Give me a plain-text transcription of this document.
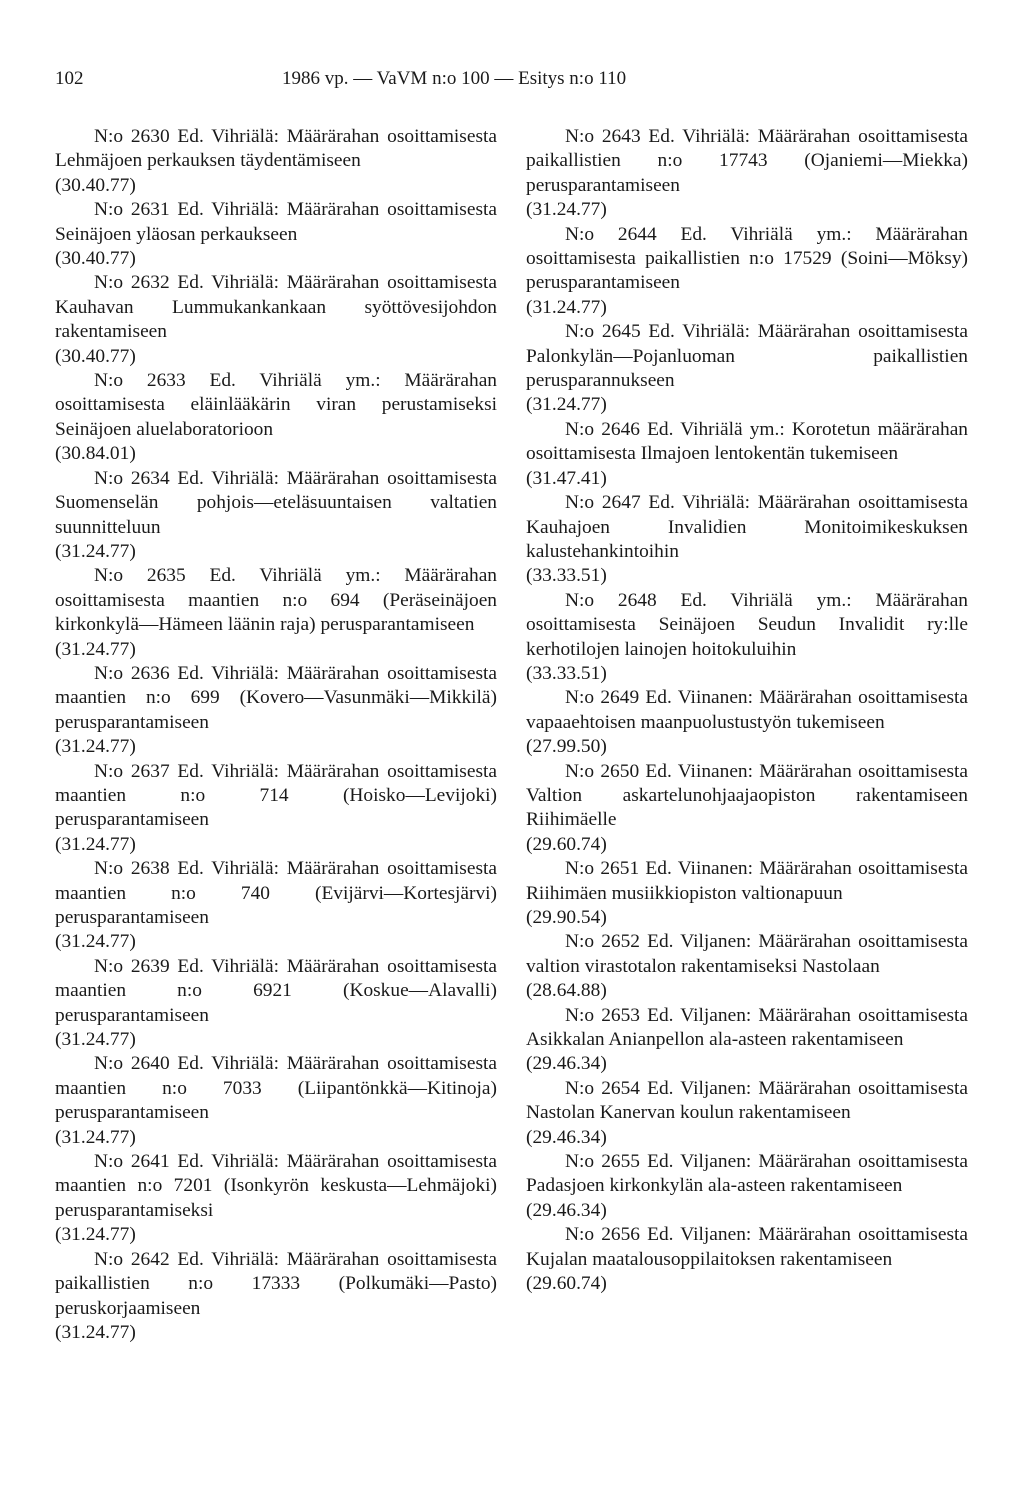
102	1986 vp. — VaVM n:o 100 — Esitys n:o 110

N:o 2630 Ed. Vihriälä: Määrärahan osoittamisesta Lehmäjoen perkauksen täydentämiseen

(30.40.77)

N:o 2631 Ed. Vihriälä: Määrärahan osoittamisesta Seinäjoen yläosan perkaukseen

(30.40.77)

N:o 2632 Ed. Vihriälä: Määrärahan osoittamisesta Kauhavan Lummukankankaan syöttövesijohdon rakentamiseen

(30.40.77)

N:o 2633 Ed. Vihriälä ym.: Määrärahan osoittamisesta eläinlääkärin viran perustamiseksi Seinäjoen aluelaboratorioon

(30.84.01)

N:o 2634 Ed. Vihriälä: Määrärahan osoittamisesta Suomenselän pohjois—eteläsuuntaisen valtatien suunnitteluun

(31.24.77)

N:o 2635 Ed. Vihriälä ym.: Määrärahan osoittamisesta maantien n:o 694 (Peräseinäjoen kirkonkylä—Hämeen läänin raja) perusparantamiseen

(31.24.77)

N:o 2636 Ed. Vihriälä: Määrärahan osoittamisesta maantien n:o 699 (Kovero—Vasunmäki—Mikkilä) perusparantamiseen

(31.24.77)

N:o 2637 Ed. Vihriälä: Määrärahan osoittamisesta maantien n:o 714 (Hoisko—Levijoki) perusparantamiseen

(31.24.77)

N:o 2638 Ed. Vihriälä: Määrärahan osoittamisesta maantien n:o 740 (Evijärvi—Kortesjärvi) perusparantamiseen

(31.24.77)

N:o 2639 Ed. Vihriälä: Määrärahan osoittamisesta maantien n:o 6921 (Koskue—Alavalli) perusparantamiseen

(31.24.77)

N:o 2640 Ed. Vihriälä: Määrärahan osoittamisesta maantien n:o 7033 (Liipantönkkä—Kitinoja) perusparantamiseen

(31.24.77)

N:o 2641 Ed. Vihriälä: Määrärahan osoittamisesta maantien n:o 7201 (Isonkyrön keskusta—Lehmäjoki) perusparantamiseksi

(31.24.77)

N:o 2642 Ed. Vihriälä: Määrärahan osoittamisesta paikallistien n:o 17333 (Polkumäki—Pasto) peruskorjaamiseen

(31.24.77)

N:o 2643 Ed. Vihriälä: Määrärahan osoittamisesta paikallistien n:o 17743 (Ojaniemi—Miekka) perusparantamiseen

(31.24.77)

N:o 2644 Ed. Vihriälä ym.: Määrärahan osoittamisesta paikallistien n:o 17529 (Soini—Möksy) perusparantamiseen

(31.24.77)

N:o 2645 Ed. Vihriälä: Määrärahan osoittamisesta Palonkylän—Pojanluoman paikallistien perusparannukseen

(31.24.77)

N:o 2646 Ed. Vihriälä ym.: Korotetun määrärahan osoittamisesta Ilmajoen lentokentän tukemiseen

(31.47.41)

N:o 2647 Ed. Vihriälä: Määrärahan osoittamisesta Kauhajoen Invalidien Monitoimikeskuksen kalustehankintoihin

(33.33.51)

N:o 2648 Ed. Vihriälä ym.: Määrärahan osoittamisesta Seinäjoen Seudun Invalidit ry:lle kerhotilojen lainojen hoitokuluihin

(33.33.51)

N:o 2649 Ed. Viinanen: Määrärahan osoittamisesta vapaaehtoisen maanpuolustustyön tukemiseen

(27.99.50)

N:o 2650 Ed. Viinanen: Määrärahan osoittamisesta Valtion askartelunohjaajaopiston rakentamiseen Riihimäelle

(29.60.74)

N:o 2651 Ed. Viinanen: Määrärahan osoittamisesta Riihimäen musiikkiopiston valtionapuun

(29.90.54)

N:o 2652 Ed. Viljanen: Määrärahan osoittamisesta valtion virastotalon rakentamiseksi Nastolaan

(28.64.88)

N:o 2653 Ed. Viljanen: Määrärahan osoittamisesta Asikkalan Anianpellon ala-asteen rakentamiseen

(29.46.34)

N:o 2654 Ed. Viljanen: Määrärahan osoittamisesta Nastolan Kanervan koulun rakentamiseen

(29.46.34)

N:o 2655 Ed. Viljanen: Määrärahan osoittamisesta Padasjoen kirkonkylän ala-asteen rakentamiseen

(29.46.34)

N:o 2656 Ed. Viljanen: Määrärahan osoittamisesta Kujalan maatalousoppilaitoksen rakentamiseen

(29.60.74)
